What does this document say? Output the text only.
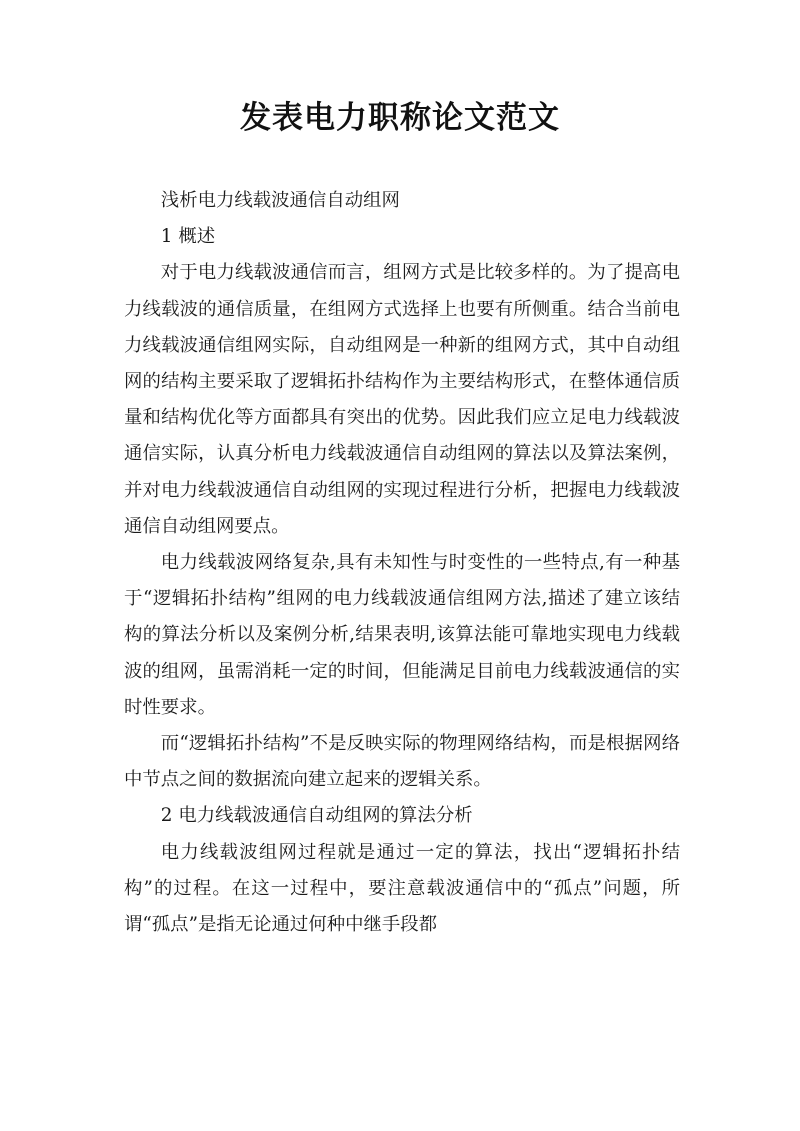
发表电力职称论文范文

浅析电力线载波通信自动组网

1 概述

对于电力线载波通信而言，组网方式是比较多样的。为了提高电力线载波的通信质量，在组网方式选择上也要有所侧重。结合当前电力线载波通信组网实际，自动组网是一种新的组网方式，其中自动组网的结构主要采取了逻辑拓扑结构作为主要结构形式，在整体通信质量和结构优化等方面都具有突出的优势。因此我们应立足电力线载波通信实际，认真分析电力线载波通信自动组网的算法以及算法案例，并对电力线载波通信自动组网的实现过程进行分析，把握电力线载波通信自动组网要点。

电力线载波网络复杂,具有未知性与时变性的一些特点,有一种基于“逻辑拓扑结构”组网的电力线载波通信组网方法,描述了建立该结构的算法分析以及案例分析,结果表明,该算法能可靠地实现电力线载波的组网，虽需消耗一定的时间，但能满足目前电力线载波通信的实时性要求。

而“逻辑拓扑结构”不是反映实际的物理网络结构，而是根据网络中节点之间的数据流向建立起来的逻辑关系。

2 电力线载波通信自动组网的算法分析

电力线载波组网过程就是通过一定的算法，找出“逻辑拓扑结构”的过程。在这一过程中，要注意载波通信中的“孤点”问题，所谓“孤点”是指无论通过何种中继手段都
